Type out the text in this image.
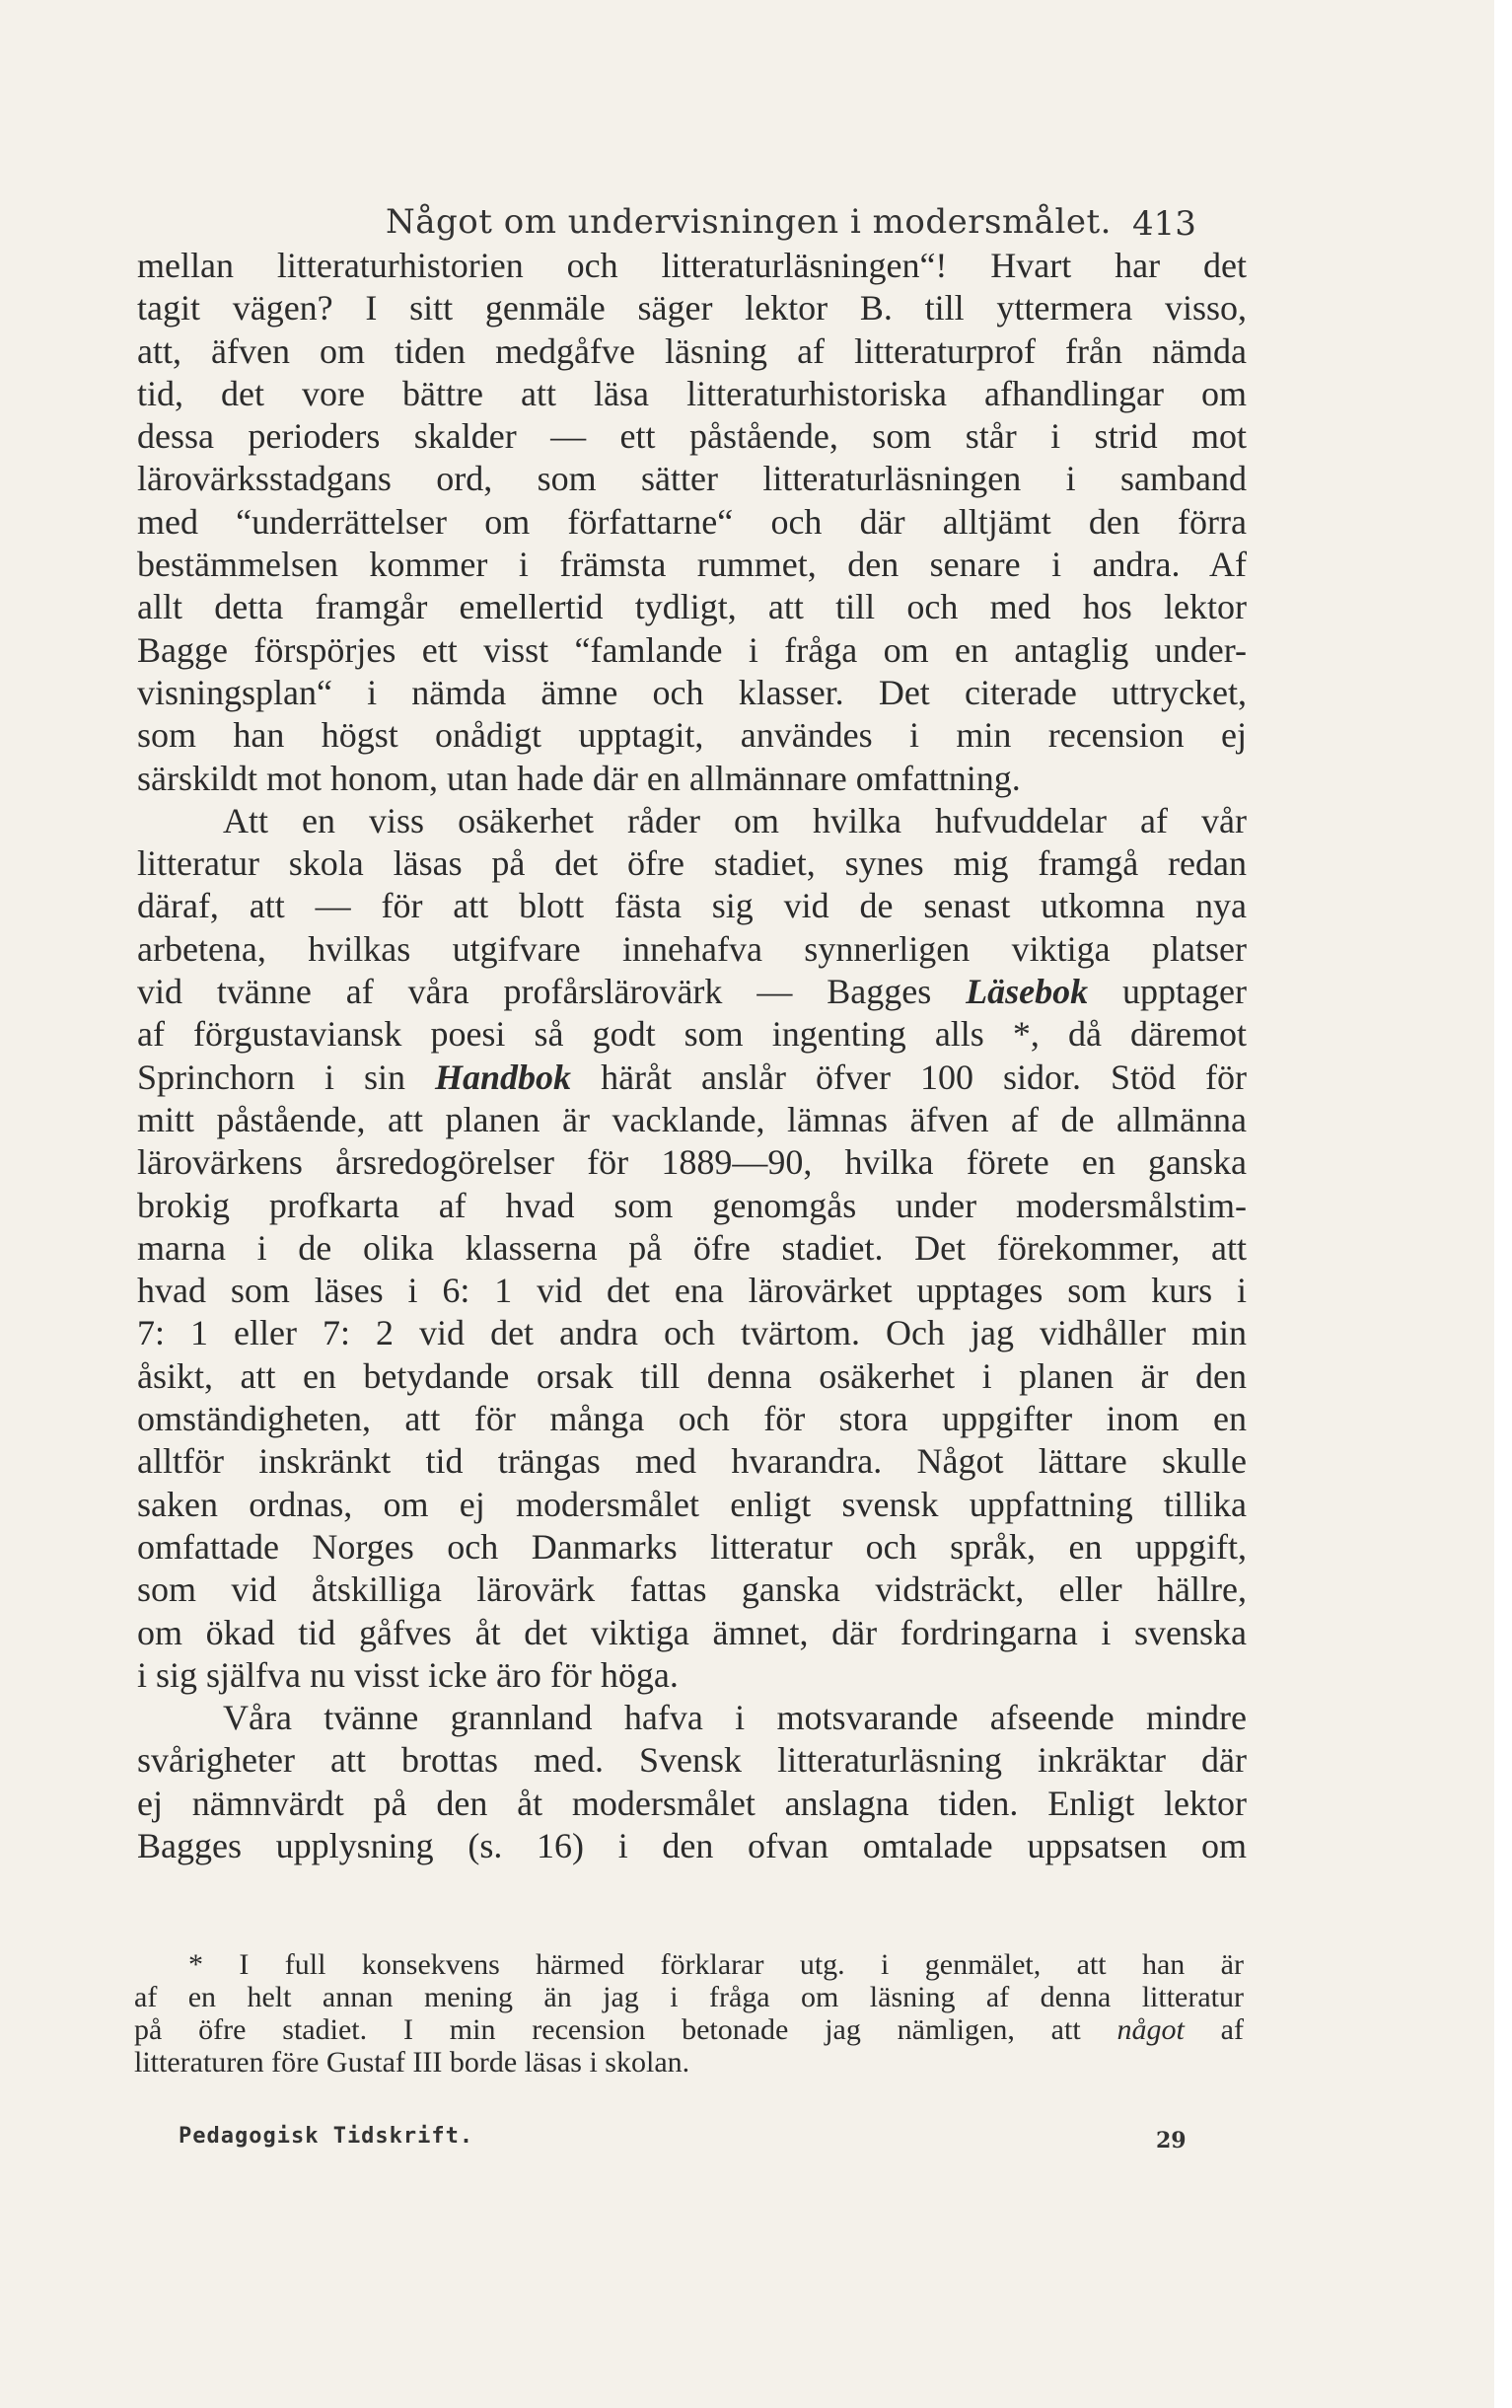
Något om undervisningen i modersmålet. 413
mellan litteraturhistorien och litteraturläsningen“! Hvart har det
tagit vägen? I sitt genmäle säger lektor B. till yttermera visso,
att, äfven om tiden medgåfve läsning af litteraturprof från nämda
tid, det vore bättre att läsa litteraturhistoriska afhandlingar om
dessa perioders skalder — ett påstående, som står i strid mot
lärovärksstadgans ord, som sätter litteraturläsningen i samband
med “underrättelser om författarne“ och där alltjämt den förra
bestämmelsen kommer i främsta rummet, den senare i andra. Af
allt detta framgår emellertid tydligt, att till och med hos lektor
Bagge förspörjes ett visst “famlande i fråga om en antaglig under-
visningsplan“ i nämda ämne och klasser. Det citerade uttrycket,
som han högst onådigt upptagit, användes i min recension ej
särskildt mot honom, utan hade där en allmännare omfattning.
Att en viss osäkerhet råder om hvilka hufvuddelar af vår
litteratur skola läsas på det öfre stadiet, synes mig framgå redan
däraf, att — för att blott fästa sig vid de senast utkomna nya
arbetena, hvilkas utgifvare innehafva synnerligen viktiga platser
vid tvänne af våra profårslärovärk — Bagges Läsebok upptager
af förgustaviansk poesi så godt som ingenting alls *, då däremot
Sprinchorn i sin Handbok häråt anslår öfver 100 sidor. Stöd för
mitt påstående, att planen är vacklande, lämnas äfven af de allmänna
lärovärkens årsredogörelser för 1889—90, hvilka förete en ganska
brokig profkarta af hvad som genomgås under modersmålstim-
marna i de olika klasserna på öfre stadiet. Det förekommer, att
hvad som läses i 6: 1 vid det ena lärovärket upptages som kurs i
7: 1 eller 7: 2 vid det andra och tvärtom. Och jag vidhåller min
åsikt, att en betydande orsak till denna osäkerhet i planen är den
omständigheten, att för många och för stora uppgifter inom en
alltför inskränkt tid trängas med hvarandra. Något lättare skulle
saken ordnas, om ej modersmålet enligt svensk uppfattning tillika
omfattade Norges och Danmarks litteratur och språk, en uppgift,
som vid åtskilliga lärovärk fattas ganska vidsträckt, eller hällre,
om ökad tid gåfves åt det viktiga ämnet, där fordringarna i svenska
i sig själfva nu visst icke äro för höga.
Våra tvänne grannland hafva i motsvarande afseende mindre
svårigheter att brottas med. Svensk litteraturläsning inkräktar där
ej nämnvärdt på den åt modersmålet anslagna tiden. Enligt lektor
Bagges upplysning (s. 16) i den ofvan omtalade uppsatsen om
* I full konsekvens härmed förklarar utg. i genmälet, att han är
af en helt annan mening än jag i fråga om läsning af denna litteratur
på öfre stadiet. I min recension betonade jag nämligen, att något af
litteraturen före Gustaf III borde läsas i skolan.
Pedagogisk Tidskrift.	29
